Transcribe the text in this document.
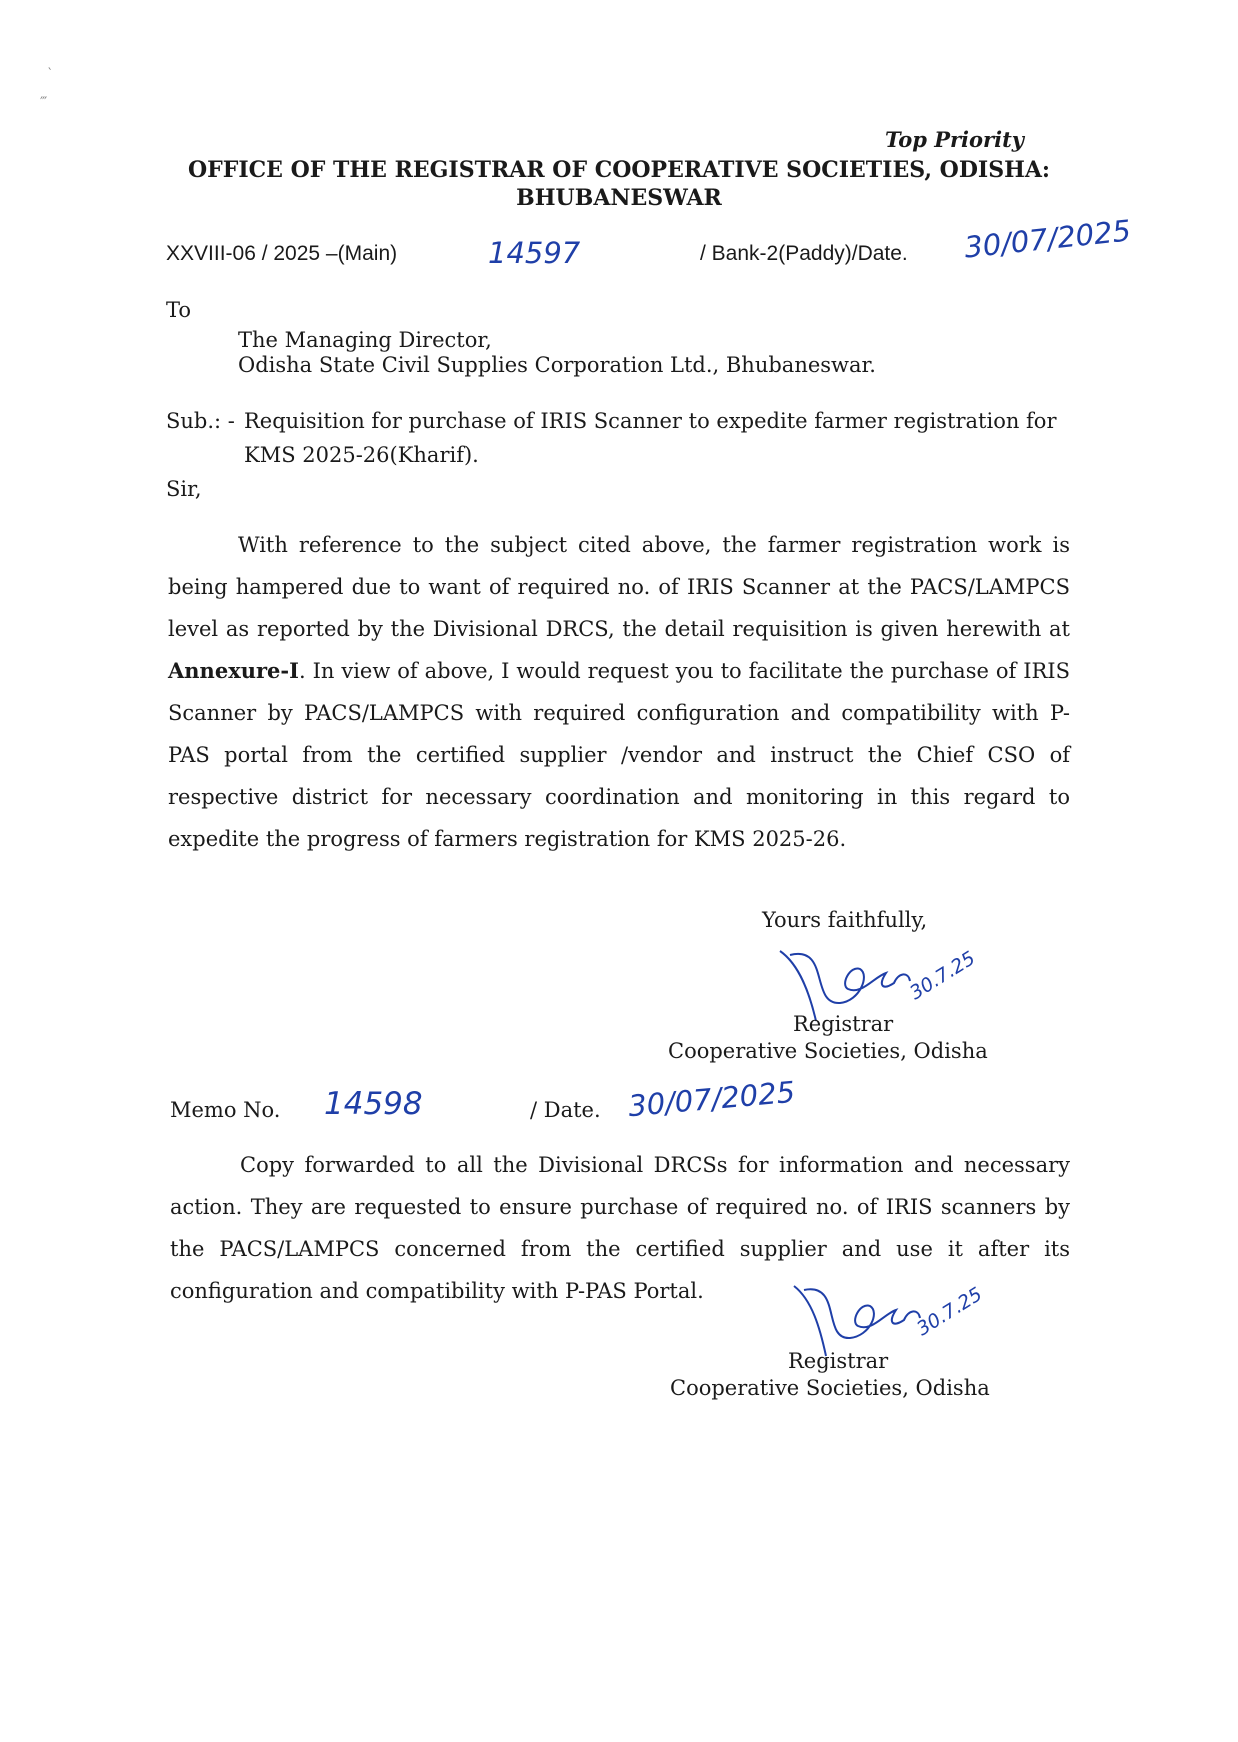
‵
‴
Top Priority
OFFICE OF THE REGISTRAR OF COOPERATIVE SOCIETIES, ODISHA:
BHUBANESWAR
XXVIII-06 / 2025 –(Main)	14597	/ Bank-2(Paddy)/Date. 30/07/2025
To
The Managing Director,
Odisha State Civil Supplies Corporation Ltd., Bhubaneswar.
Sub.: - Requisition for purchase of IRIS Scanner to expedite farmer registration for
KMS 2025-26(Kharif).
Sir,
With reference to the subject cited above, the farmer registration work is being hampered due to want of required no. of IRIS Scanner at the PACS/LAMPCS level as reported by the Divisional DRCS, the detail requisition is given herewith at Annexure-I. In view of above, I would request you to facilitate the purchase of IRIS Scanner by PACS/LAMPCS with required configuration and compatibility with P-PAS portal from the certified supplier /vendor and instruct the Chief CSO of respective district for necessary coordination and monitoring in this regard to expedite the progress of farmers registration for KMS 2025-26.
Yours faithfully,
30.7.25
Registrar
Cooperative Societies, Odisha
Memo No. 14598	/ Date. 30/07/2025
Copy forwarded to all the Divisional DRCSs for information and necessary action. They are requested to ensure purchase of required no. of IRIS scanners by the PACS/LAMPCS concerned from the certified supplier and use it after its configuration and compatibility with P-PAS Portal.	30.7.25
Registrar
Cooperative Societies, Odisha
